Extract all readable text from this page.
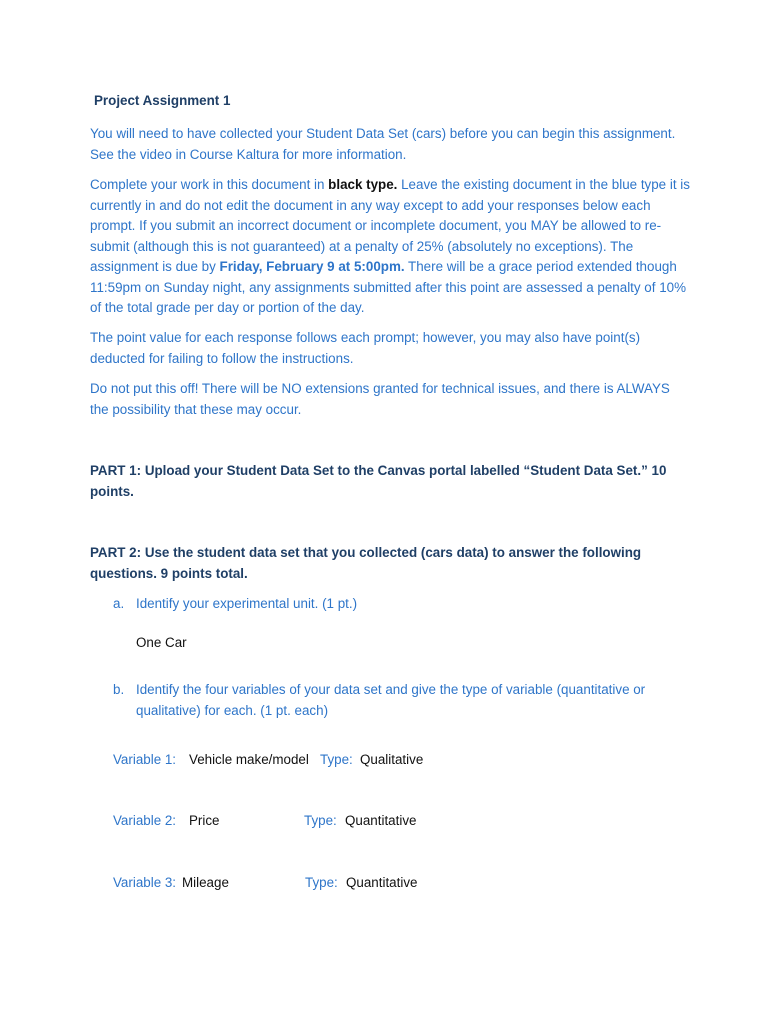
Project Assignment 1

You will need to have collected your Student Data Set (cars) before you can begin this assignment. See the video in Course Kaltura for more information.

Complete your work in this document in black type. Leave the existing document in the blue type it is currently in and do not edit the document in any way except to add your responses below each prompt. If you submit an incorrect document or incomplete document, you MAY be allowed to re-submit (although this is not guaranteed) at a penalty of 25% (absolutely no exceptions). The assignment is due by Friday, February 9 at 5:00pm. There will be a grace period extended though 11:59pm on Sunday night, any assignments submitted after this point are assessed a penalty of 10% of the total grade per day or portion of the day.

The point value for each response follows each prompt; however, you may also have point(s) deducted for failing to follow the instructions.

Do not put this off! There will be NO extensions granted for technical issues, and there is ALWAYS the possibility that these may occur.

PART 1: Upload your Student Data Set to the Canvas portal labelled “Student Data Set.” 10 points.

PART 2: Use the student data set that you collected (cars data) to answer the following questions. 9 points total.

a. Identify your experimental unit. (1 pt.)

One Car
b. Identify the four variables of your data set and give the type of variable (quantitative or qualitative) for each. (1 pt. each)

Variable 1: Vehicle make/model Type: Qualitative
Variable 2: Price	Type: Quantitative
Variable 3: Mileage	Type: Quantitative
